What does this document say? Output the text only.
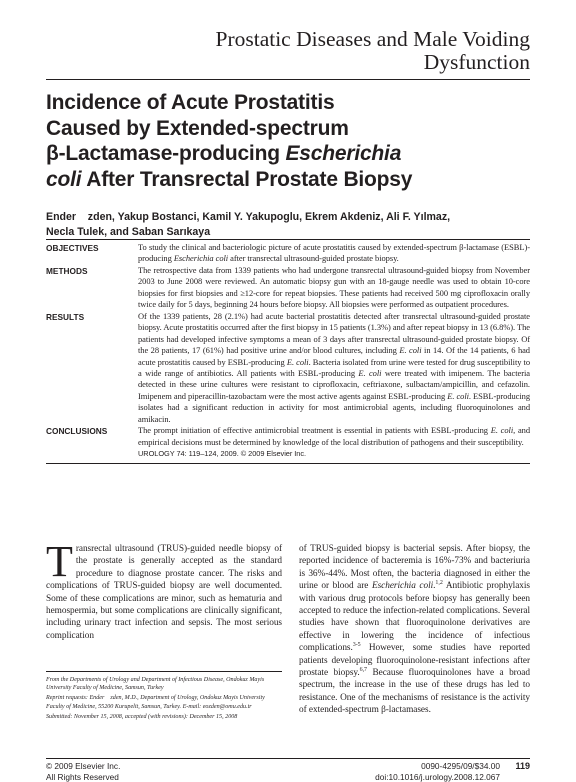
Prostatic Diseases and Male Voiding Dysfunction
Incidence of Acute Prostatitis
Caused by Extended-spectrum
β-Lactamase-producing Escherichia
coli After Transrectal Prostate Biopsy
Ender    zden, Yakup Bostanci, Kamil Y. Yakupoglu, Ekrem Akdeniz, Ali F. Yılmaz,
Necla Tulek, and Saban Sarıkaya
OBJECTIVES	To study the clinical and bacteriologic picture of acute prostatitis caused by extended-spectrum β-lactamase (ESBL)-producing Escherichia coli after transrectal ultrasound-guided prostate biopsy.
METHODS	The retrospective data from 1339 patients who had undergone transrectal ultrasound-guided biopsy from November 2003 to June 2008 were reviewed. An automatic biopsy gun with an 18-gauge needle was used to obtain 10-core biopsies for first biopsies and ≥12-core for repeat biopsies. These patients had received 500 mg ciprofloxacin orally twice daily for 5 days, beginning 24 hours before biopsy. All biopsies were performed as outpatient procedures.
RESULTS	Of the 1339 patients, 28 (2.1%) had acute bacterial prostatitis detected after transrectal ultrasound-guided prostate biopsy. Acute prostatitis occurred after the first biopsy in 15 patients (1.3%) and after repeat biopsy in 13 (6.8%). The patients had developed infective symptoms a mean of 3 days after transrectal ultrasound-guided prostate biopsy. Of the 28 patients, 17 (61%) had positive urine and/or blood cultures, including E. coli in 14. Of the 14 patients, 6 had acute prostatitis caused by ESBL-producing E. coli. Bacteria isolated from urine were tested for drug susceptibility to a wide range of antibiotics. All patients with ESBL-producing E. coli were treated with imipenem. The bacteria detected in these urine cultures were resistant to ciprofloxacin, ceftriaxone, sulbactam/ampicillin, and cefazolin. Imipenem and piperacillin-tazobactam were the most active agents against ESBL-producing E. coli. ESBL-producing isolates had a significant reduction in activity for most antimicrobial agents, including fluoroquinolones and amikacin.
CONCLUSIONS	The prompt initiation of effective antimicrobial treatment is essential in patients with ESBL-producing E. coli, and empirical decisions must be determined by knowledge of the local distribution of pathogens and their susceptibility.    UROLOGY 74: 119–124, 2009. © 2009 Elsevier Inc.
Transrectal ultrasound (TRUS)-guided needle biopsy of the prostate is generally accepted as the standard procedure to diagnose prostate cancer. The risks and complications of TRUS-guided biopsy are well documented. Some of these complications are minor, such as hematuria and hemospermia, but some complications are clinically significant, including urinary tract infection and sepsis. The most serious complication
of TRUS-guided biopsy is bacterial sepsis. After biopsy, the reported incidence of bacteremia is 16%-73% and bacteriuria is 36%-44%. Most often, the bacteria diagnosed in either the urine or blood are Escherichia coli.$^{1,2}$ Antibiotic prophylaxis with various drug protocols before biopsy has generally been accepted to reduce the infection-related complications. Several studies have shown that fluoroquinolone derivatives are effective in lowering the incidence of infectious complications.$^{3-5}$ However, some studies have reported patients developing fluoroquinolone-resistant infections after prostate biopsy.$^{6,7}$ Because fluoroquinolones have a broad spectrum, the increase in the use of these drugs has led to resistance. One of the mechanisms of resistance is the activity of extended-spectrum β-lactamases.

From the Departments of Urology and Department of Infectious Disease, Ondokuz Mayis University Faculty of Medicine, Samsun, Turkey

Reprint requests: Ender    zden, M.D., Department of Urology, Ondokuz Mayis University Faculty of Medicine, 55200 Kurupelit, Samsun, Turkey. E-mail: eozden@omu.edu.tr

Submitted: November 15, 2008, accepted (with revisions): December 15, 2008

© 2009 Elsevier Inc.
All Rights Reserved
0090-4295/09/$34.00
doi:10.1016/j.urology.2008.12.067
119
